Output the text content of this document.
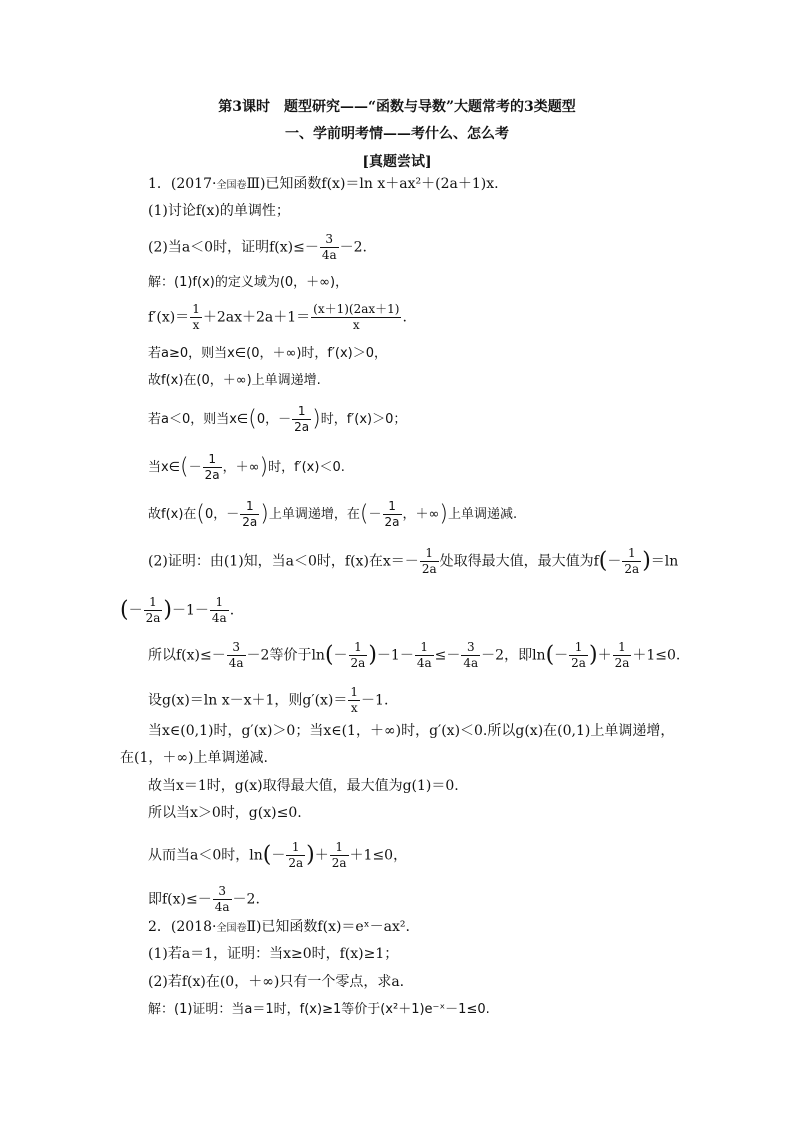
第3课时　题型研究——“函数与导数”大题常考的3类题型
一、学前明考情——考什么、怎么考
[真题尝试]
1．(2017·全国卷Ⅲ)已知函数f(x)＝ln x＋ax²＋(2a＋1)x.
(1)讨论f(x)的单调性；
(2)当a＜0时，证明$f(x)\le- \frac{3}{4a} -2$.
解：(1)f(x)的定义域为(0，＋∞)，
$f'(x)= \frac{1}{x} +2ax+2a+1= \frac{(x+1)(2ax+1)}{x}$ .
若a≥0，则当x∈(0，＋∞)时，f′(x)＞0，
故f(x)在(0，＋∞)上单调递增.
若a＜0，则当x∈(0，－ $\frac{1}{2a}$ )时，f′(x)＞0；
当x∈(－ $\frac{1}{2a}$ ，＋∞)时，f′(x)＜0.
故f(x)在(0，－ $\frac{1}{2a}$ )上单调递增，在(－ $\frac{1}{2a}$ ，＋∞)上单调递减.
(2)证明：由(1)知，当a＜0时，f(x)在$x=- \frac{1}{2a}$ 处取得最大值，最大值为$f(- \frac{1}{2a} )=\ln$
(－ $\frac{1}{2a} )-1- \frac{1}{4a}$ .
所以$f(x)\le- \frac{3}{4a} -2$等价于$\ln(- \frac{1}{2a} )-1- \frac{1}{4a} \le- \frac{3}{4a} -2$，即$\ln(- \frac{1}{2a}$ )＋ $\frac{1}{2a} +1\le 0$.
设g(x)＝ln x－x＋1，则$g'(x)= \frac{1}{x} -1$.
当x∈(0,1)时，g′(x)＞0；当x∈(1，＋∞)时，g′(x)＜0.所以g(x)在(0,1)上单调递增，
在(1，＋∞)上单调递减.
故当x＝1时，g(x)取得最大值，最大值为g(1)＝0.
所以当x＞0时，g(x)≤0.
从而当a＜0时，$\ln(- \frac{1}{2a}$ )＋ $\frac{1}{2a} +1\le 0$，
即$f(x)\le- \frac{3}{4a} -2$.
2．(2018·全国卷Ⅱ)已知函数f(x)＝eˣ－ax².
(1)若a＝1，证明：当x≥0时，f(x)≥1；
(2)若f(x)在(0，＋∞)只有一个零点，求a.
解：(1)证明：当a＝1时，f(x)≥1等价于(x²＋1)e⁻ˣ－1≤0.
